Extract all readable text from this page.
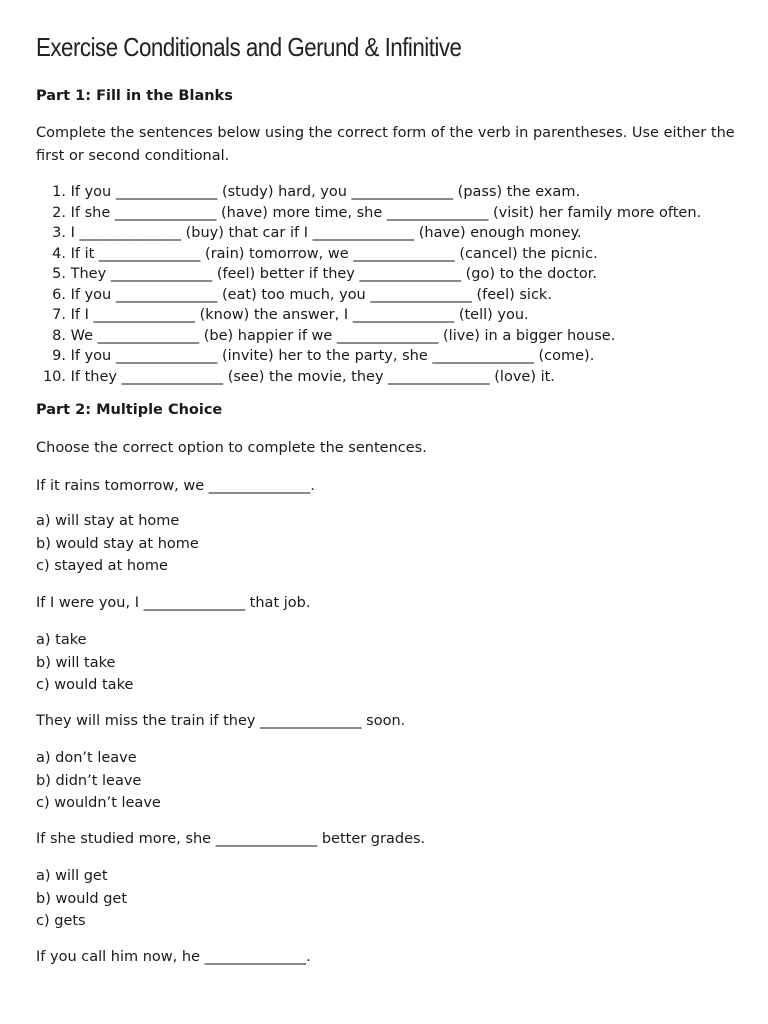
Exercise Conditionals and Gerund & Infinitive
Part 1: Fill in the Blanks

Complete the sentences below using the correct form of the verb in parentheses. Use either the first or second conditional.

1. If you ______________ (study) hard, you ______________ (pass) the exam.
2. If she ______________ (have) more time, she ______________ (visit) her family more often.
3. I ______________ (buy) that car if I ______________ (have) enough money.
4. If it ______________ (rain) tomorrow, we ______________ (cancel) the picnic.
5. They ______________ (feel) better if they ______________ (go) to the doctor.
6. If you ______________ (eat) too much, you ______________ (feel) sick.
7. If I ______________ (know) the answer, I ______________ (tell) you.
8. We ______________ (be) happier if we ______________ (live) in a bigger house.
9. If you ______________ (invite) her to the party, she ______________ (come).
10. If they ______________ (see) the movie, they ______________ (love) it.
Part 2: Multiple Choice

Choose the correct option to complete the sentences.

If it rains tomorrow, we ______________.

a) will stay at home
b) would stay at home
c) stayed at home

If I were you, I ______________ that job.

a) take
b) will take
c) would take

They will miss the train if they ______________ soon.

a) don’t leave
b) didn’t leave
c) wouldn’t leave

If she studied more, she ______________ better grades.

a) will get
b) would get
c) gets

If you call him now, he ______________.
